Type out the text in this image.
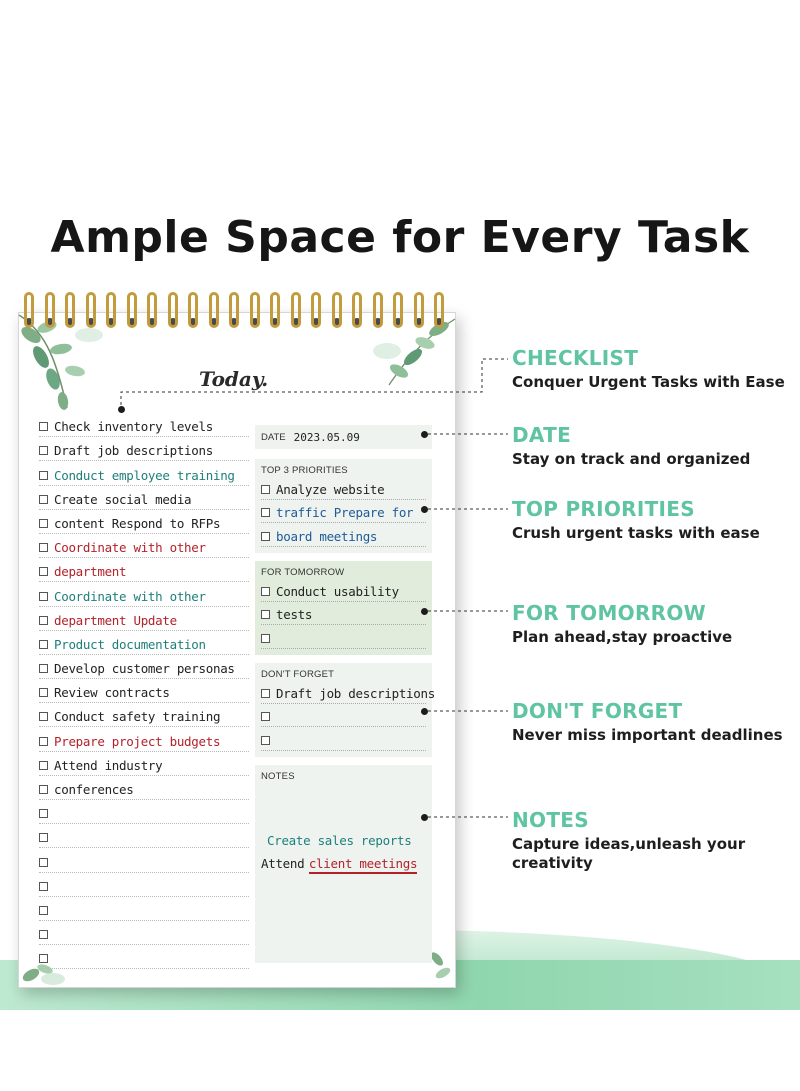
Ample Space for Every Task
Today.
Check inventory levels
Draft job descriptions
Conduct employee training
Create social media
content Respond to RFPs
Coordinate with other
department
Coordinate with other
department Update
Product documentation
Develop customer personas
Review contracts
Conduct safety training
Prepare project budgets
Attend industry
conferences
DATE 2023.05.09
TOP 3 PRIORITIES
Analyze website
traffic Prepare for
board meetings
FOR TOMORROW
Conduct usability
tests
DON'T FORGET
Draft job descriptions
NOTES
Create sales reports
Attend client meetings
CHECKLIST
Conquer Urgent Tasks with Ease
DATE
Stay on track and organized
TOP PRIORITIES
Crush urgent tasks with ease
FOR TOMORROW
Plan ahead,stay proactive
DON'T FORGET
Never miss important deadlines
NOTES
Capture ideas,unleash your creativity
